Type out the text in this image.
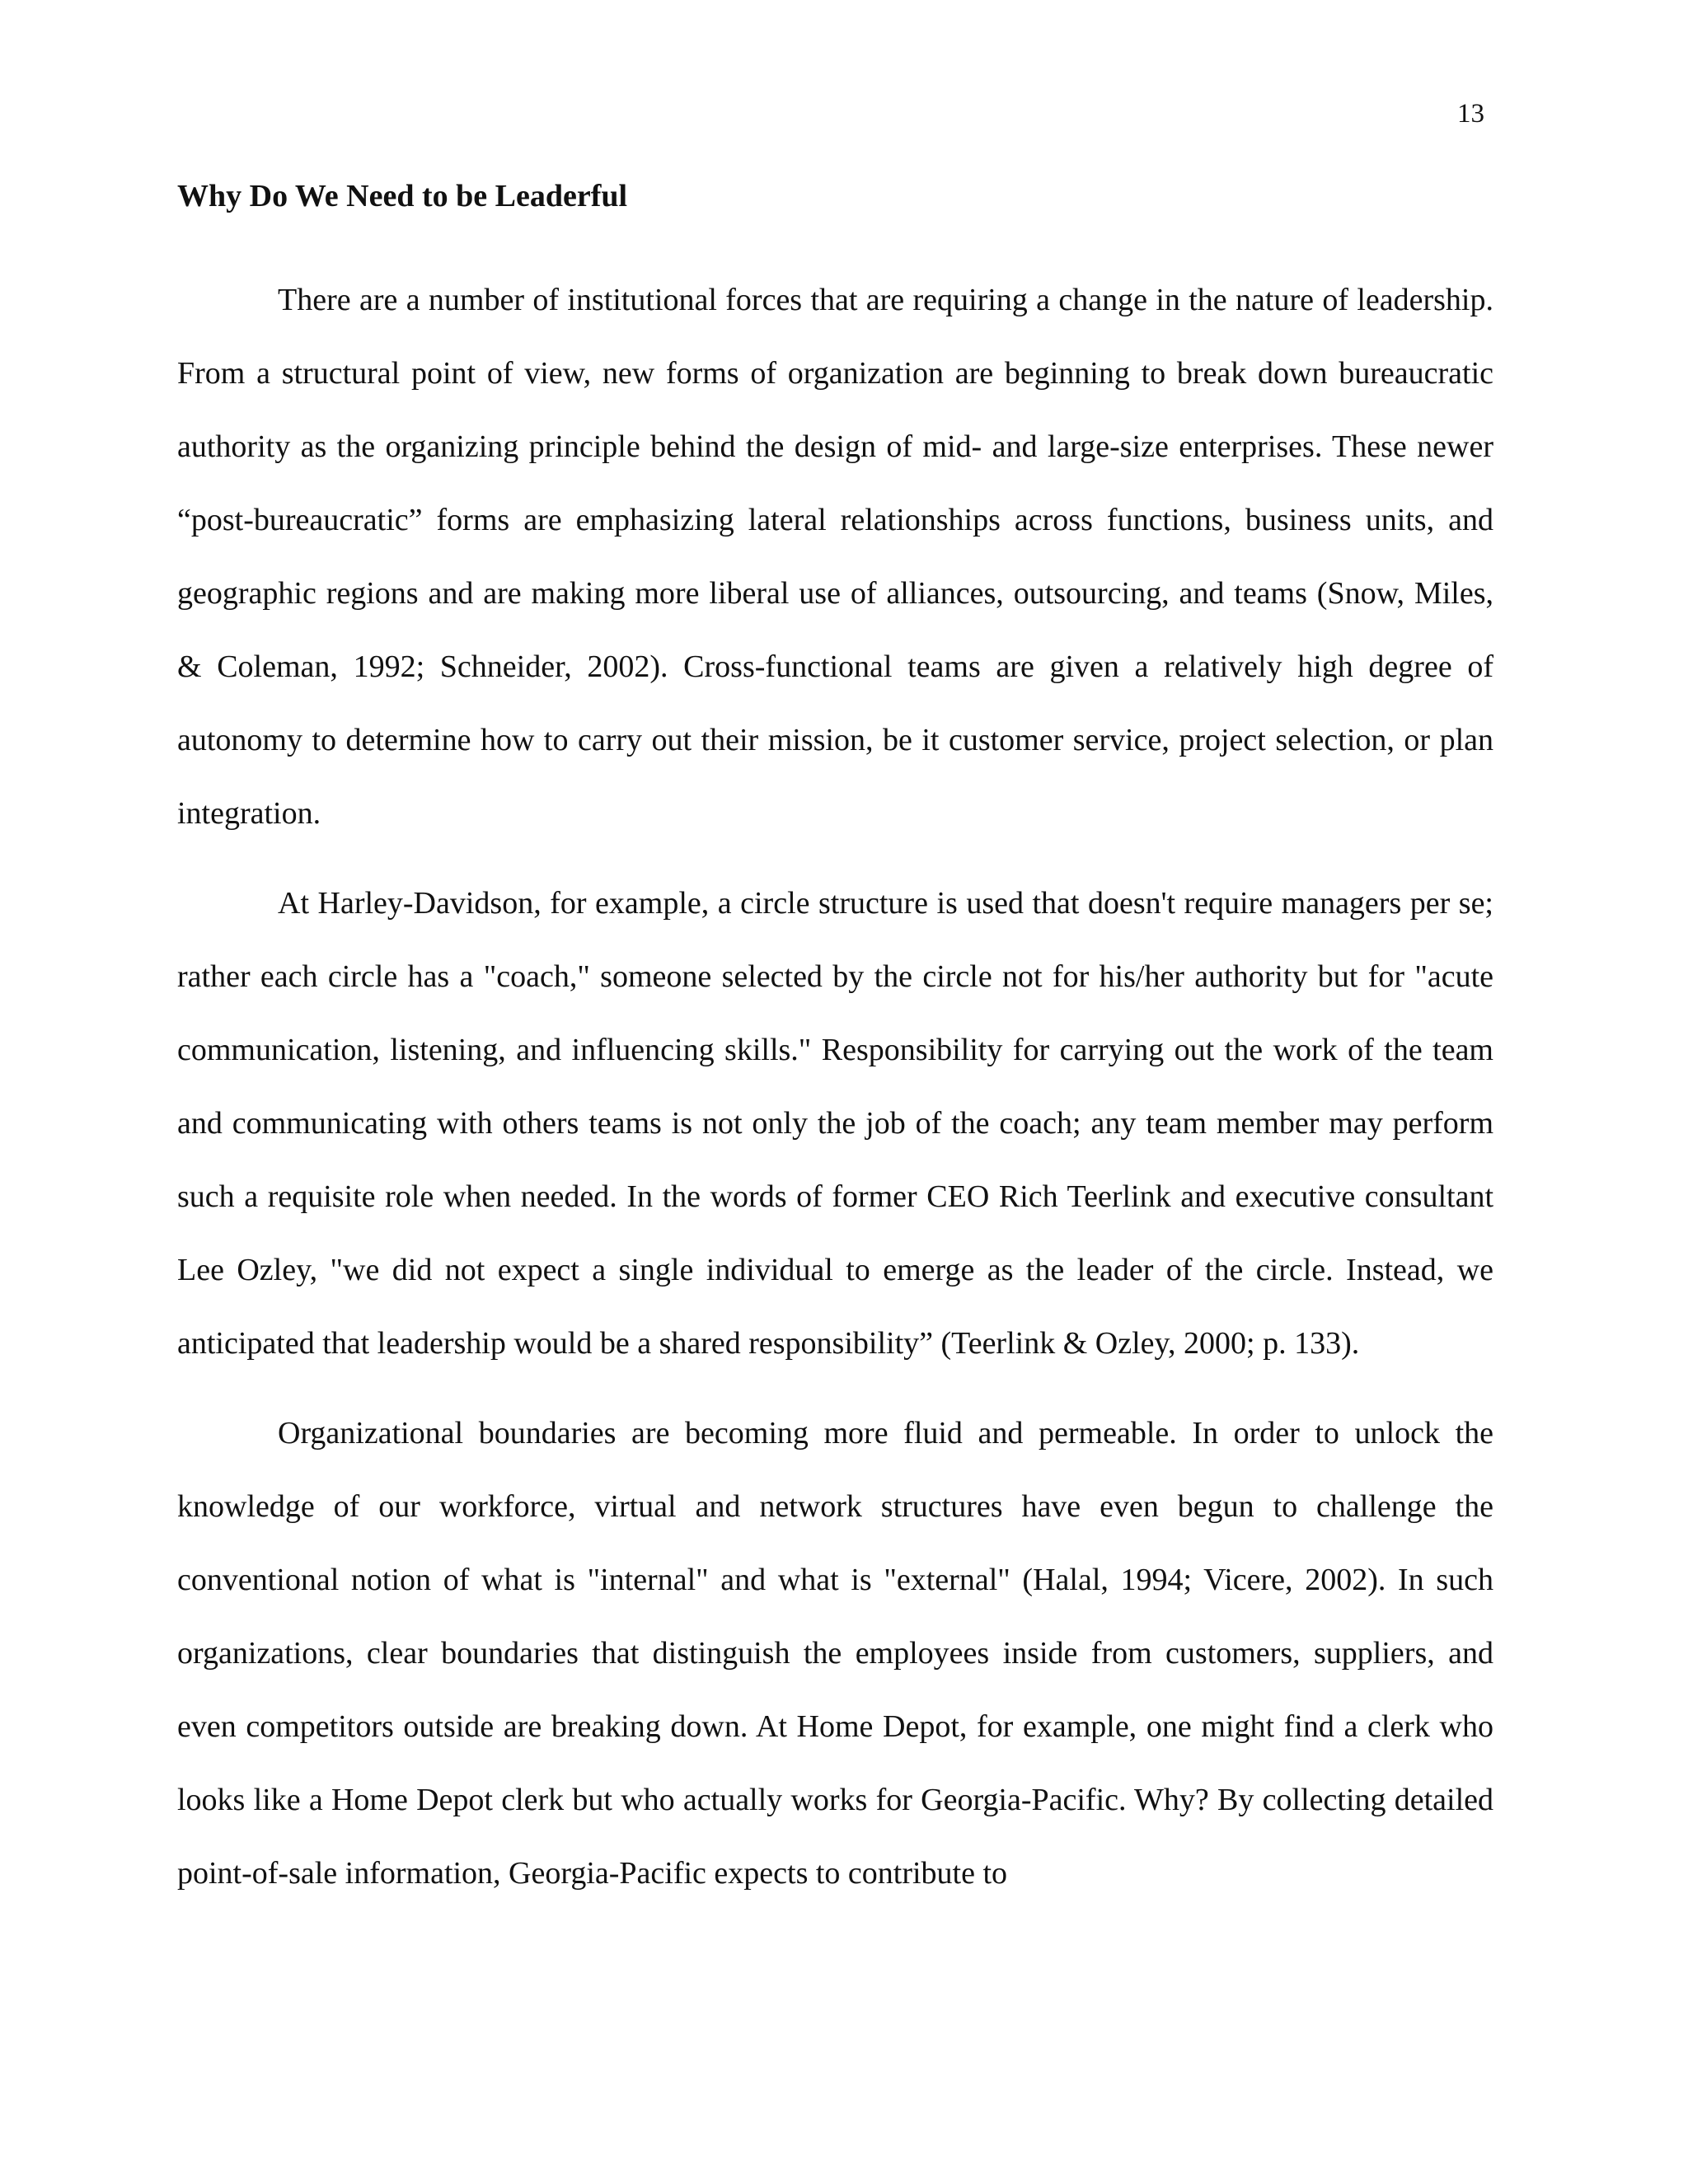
13
Why Do We Need to be Leaderful

There are a number of institutional forces that are requiring a change in the nature of leadership. From a structural point of view, new forms of organization are beginning to break down bureaucratic authority as the organizing principle behind the design of mid- and large-size enterprises. These newer “post-bureaucratic” forms are emphasizing lateral relationships across functions, business units, and geographic regions and are making more liberal use of alliances, outsourcing, and teams (Snow, Miles, & Coleman, 1992; Schneider, 2002). Cross-functional teams are given a relatively high degree of autonomy to determine how to carry out their mission, be it customer service, project selection, or plan integration.

At Harley-Davidson, for example, a circle structure is used that doesn't require managers per se; rather each circle has a "coach," someone selected by the circle not for his/her authority but for "acute communication, listening, and influencing skills." Responsibility for carrying out the work of the team and communicating with others teams is not only the job of the coach; any team member may perform such a requisite role when needed. In the words of former CEO Rich Teerlink and executive consultant Lee Ozley, "we did not expect a single individual to emerge as the leader of the circle. Instead, we anticipated that leadership would be a shared responsibility” (Teerlink & Ozley, 2000; p. 133).

Organizational boundaries are becoming more fluid and permeable. In order to unlock the knowledge of our workforce, virtual and network structures have even begun to challenge the conventional notion of what is "internal" and what is "external" (Halal, 1994; Vicere, 2002). In such organizations, clear boundaries that distinguish the employees inside from customers, suppliers, and even competitors outside are breaking down. At Home Depot, for example, one might find a clerk who looks like a Home Depot clerk but who actually works for Georgia-Pacific. Why? By collecting detailed point-of-sale information, Georgia-Pacific expects to contribute to
